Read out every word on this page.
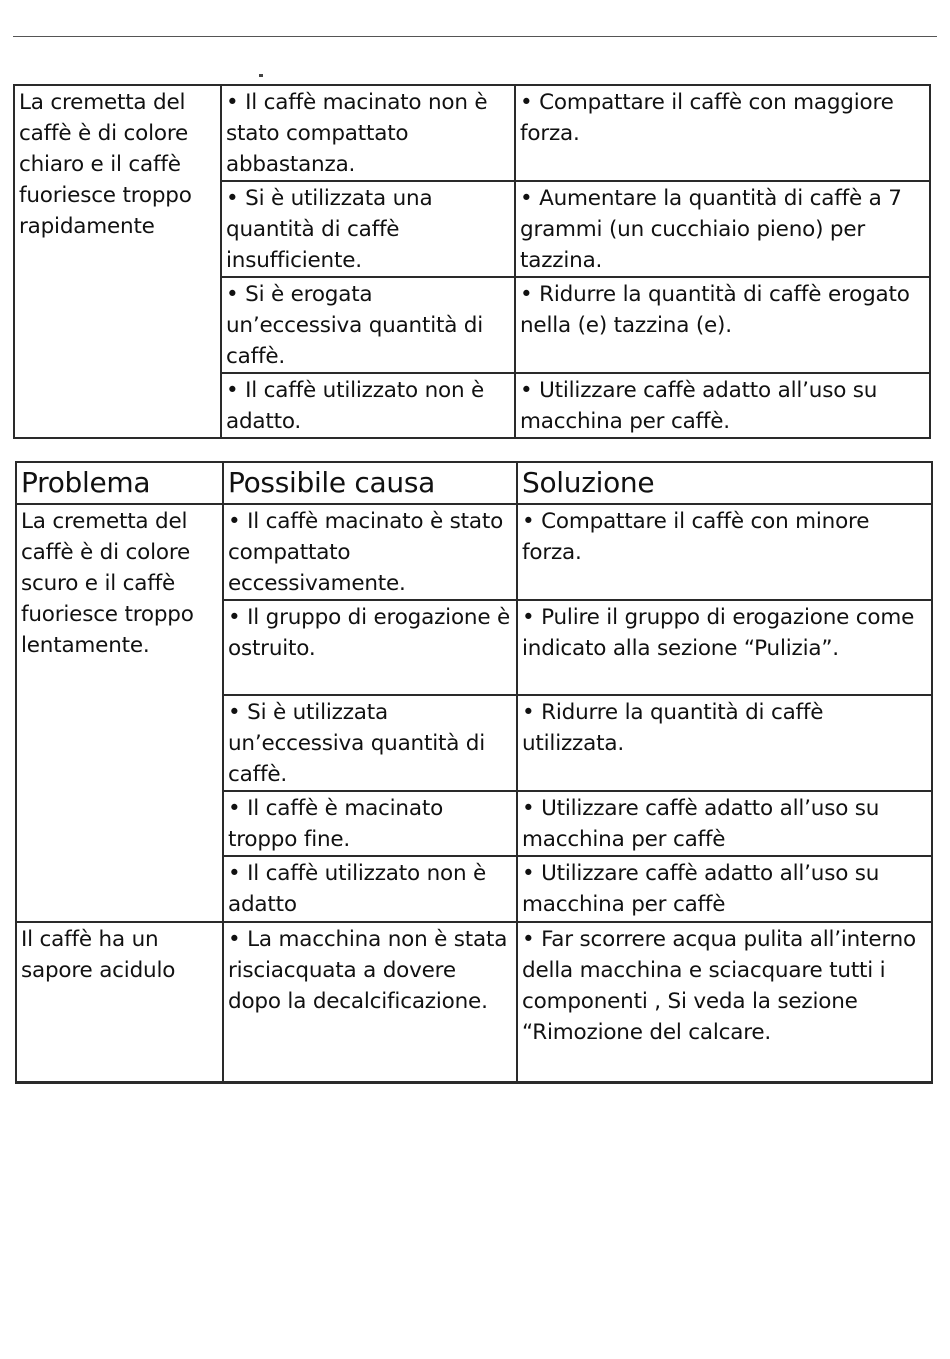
La cremetta del caffè è di colore chiaro e il caffè fuoriesce troppo rapidamente	• Il caffè macinato non è stato compattato abbastanza.	• Compattare il caffè con maggiore forza.
	• Si è utilizzata una quantità di caffè insufficiente.	• Aumentare la quantità di caffè a 7 grammi (un cucchiaio pieno) per tazzina.
	• Si è erogata un’eccessiva quantità di caffè.	• Ridurre la quantità di caffè erogato nella (e) tazzina (e).
	• Il caffè utilizzato non è adatto.	• Utilizzare caffè adatto all’uso su macchina per caffè.
Problema	Possibile causa	Soluzione
La cremetta del caffè è di colore scuro e il caffè fuoriesce troppo lentamente.	• Il caffè macinato è stato compattato eccessivamente.	• Compattare il caffè con minore forza.
	• Il gruppo di erogazione è ostruito.	• Pulire il gruppo di erogazione come indicato alla sezione “Pulizia”.
	• Si è utilizzata un’eccessiva quantità di caffè.	• Ridurre la quantità di caffè utilizzata.
	• Il caffè è macinato troppo fine.	• Utilizzare caffè adatto all’uso su macchina per caffè
	• Il caffè utilizzato non è adatto	• Utilizzare caffè adatto all’uso su macchina per caffè
Il caffè ha un sapore acidulo	• La macchina non è stata risciacquata a dovere dopo la decalcificazione.	• Far scorrere acqua pulita all’interno della macchina e sciacquare tutti i componenti , Si veda la sezione “Rimozione del calcare.
